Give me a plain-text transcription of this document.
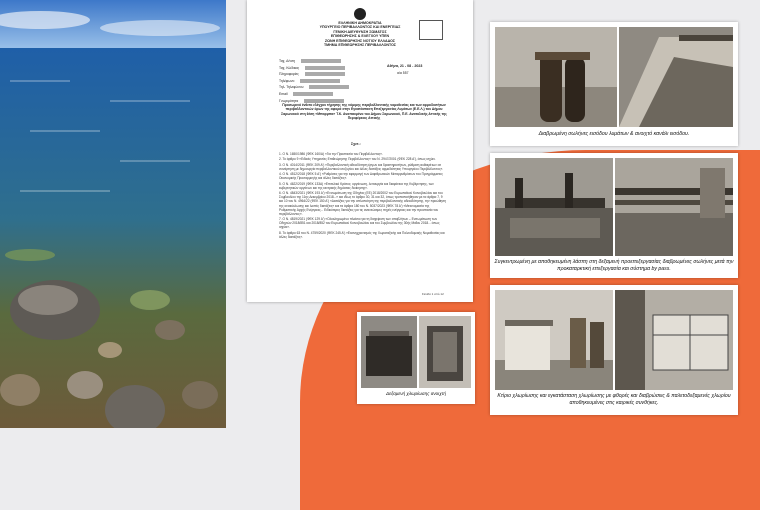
ΕΛΛΗΝΙΚΗ ΔΗΜΟΚΡΑΤΙΑ
ΥΠΟΥΡΓΕΙΟ ΠΕΡΙΒΑΛΛΟΝΤΟΣ ΚΑΙ ΕΝΕΡΓΕΙΑΣ
ΓΕΝΙΚΗ ΔΙΕΥΘΥΝΣΗ ΣΩΜΑΤΟΣ
ΕΠΙΘΕΩΡΗΣΗΣ & ΕΛΕΓΧΟΥ ΥΠΕΝ
ΖΩΝΗ ΕΠΙΘΕΩΡΗΣΗΣ ΝΟΤΙΟΥ ΕΛΛΑΔΟΣ
ΤΜΗΜΑ ΕΠΙΘΕΩΡΗΣΗΣ ΠΕΡΙΒΑΛΛΟΝΤΟΣ
Ταχ. Δ/νση
Ταχ. Κώδικας
Πληροφορίες
Τηλέφωνο
Τηλ. Τηλεφώνου
Email
Γνωριμότητα
Αθήνα, 21 - 08 - 2023
α/α 557
Προσωρινό ένθετο ελέγχου τήρησης της νόμιμης περιβαλλοντικής νομοθεσίας και των αρμοδιοτήτων περιβαλλοντικών όρων της αφορά στην Εγκατάσταση Επεξεργασίας Λυμάτων (Ε.Ε.Λ.) του Δήμου Σαρωνικού στη θέση «Μπαρμπα» Τ.Κ. Αναπαυμένο του Δήμου Σαρωνικού, Π.Ε. Ανατολικής Αττικής της Περιφέρειας Αττικής
Σχετ.:
1. Ο Ν. 1650/1986 (ΦΕΚ 160/Α) «Για την Προστασία του Περιβάλλοντος».
2. Το άρθρο 9 «Ειδικές Υπηρεσίες Επιθεώρησης Περιβάλλοντος» του Ν. 2947/2001 (ΦΕΚ 228 Α'), όπως ισχύει.
3. Ο Ν. 4014/2011 (ΦΕΚ 209 Α') «Περιβαλλοντική αδειοδότηση έργων και δραστηριοτήτων, ρύθμιση αυθαιρέτων σε συνάρτηση με δημιουργία περιβαλλοντικού ισοζυγίου και άλλες διατάξεις αρμοδιότητας Υπουργείου Περιβάλλοντος».
4. Ο Ν. 4512/2018 (ΦΕΚ 5 Α') «Ρυθμίσεις για την εφαρμογή των Διαρθρωτικών Μεταρρυθμίσεων του Προγράμματος Οικονομικής Προσαρμογής και άλλες διατάξεις».
5. Ο Ν. 4622/2019 (ΦΕΚ 133Α) «Επιτελικό Κράτος: οργάνωση, λειτουργία και διαφάνεια της Κυβέρνησης, των κυβερνητικών οργάνων και της κεντρικής δημόσιας διοίκησης».
6. Ο Ν. 4843/2021 (ΦΕΚ 193 Α') «Ενσωμάτωση της Οδηγίας (ΕΕ) 2018/2002 του Ευρωπαϊκού Κοινοβουλίου και του Συμβουλίου της 11ης Δεκεμβρίου 2018...» και ιδίως το άρθρο 30, 31 και 32, όπως τροποποιήθηκαν με τα άρθρα 7, 9 και 10 του Ν. 4964/22 (ΦΕΚ 150 Α') «Διατάξεις για την απλοποίηση της περιβαλλοντικής αδειοδότησης, την προώθηση της ανακύκλωσης και λοιπές διατάξεις» και τα άρθρα 180 του Ν. 5037/2023 (ΦΕΚ 78 Α') «Μετονομασία της Ρυθμιστικής Αρχής Ενέργειας... Ειδικότερες διατάξεις για τις ανανεώσιμες πηγές ενέργειας και την προστασία του περιβάλλοντος».
7. Ο Ν. 4819/2021 (ΦΕΚ 129 Α') «Ολοκληρωμένο πλαίσιο για τη διαχείριση των αποβλήτων – Ενσωμάτωση των Οδηγιών 2018/851 και 2018/852 του Ευρωπαϊκού Κοινοβουλίου και του Συμβουλίου της 30ής Μαΐου 2018... όπως ισχύει».
8. Το άρθρο 63 του Ν. 4759/2020 (ΦΕΚ 245 Α') «Εκσυγχρονισμός της Χωροταξικής και Πολεοδομικής Νομοθεσίας και άλλες διατάξεις».
Σελίδα 1 από 12
Διαβρωμένη σωλήνες εισόδου λυμάτων & ανοιχτό κανάλι εισόδου.
Συγκεντρωμένη με αποθηκευμένη λάσπη στη δεξαμενή προεπεξεργασίας διαβρωμένες σωλήνες μετά την προκαταρκτική επεξεργασία και σύστημα by pass.
Κτίριο χλωρίωσης και εγκατάσταση χλωρίωσης με φθορές και διαβρώσεις & παλετοδεξαμενές χλωρίου αποθηκευμένες στις καιρικές συνθήκες.
Δεξαμενή χλωρίωσης ανοιχτή
